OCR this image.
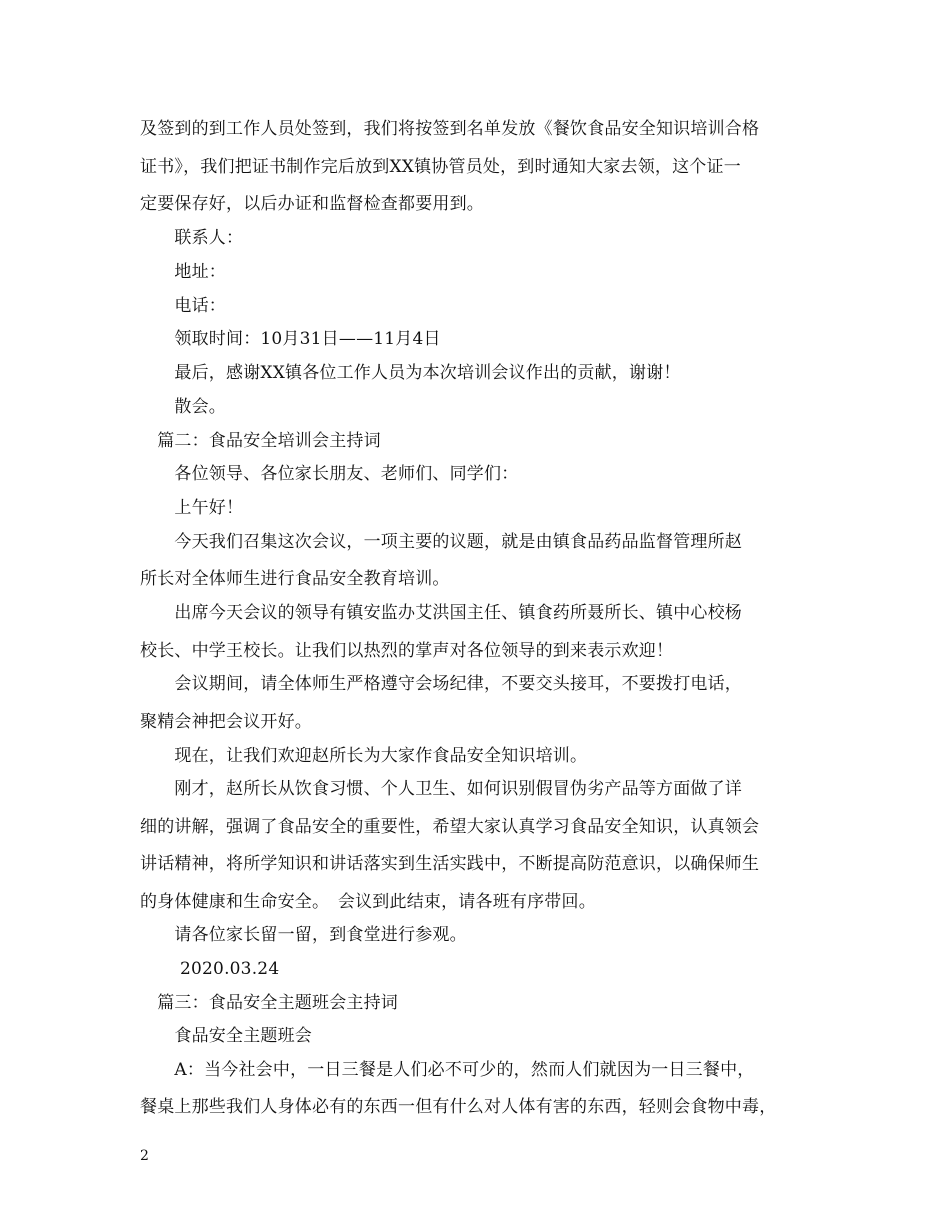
及签到的到工作人员处签到，我们将按签到名单发放《餐饮食品安全知识培训合格
证书》，我们把证书制作完后放到XX镇协管员处，到时通知大家去领，这个证一
定要保存好，以后办证和监督检查都要用到。
　　联系人：
　　地址：
　　电话：
　　领取时间：10月31日——11月4日
　　最后，感谢XX镇各位工作人员为本次培训会议作出的贡献，谢谢！
　　散会。
　篇二：食品安全培训会主持词
　　各位领导、各位家长朋友、老师们、同学们：
　　上午好！
　　今天我们召集这次会议，一项主要的议题，就是由镇食品药品监督管理所赵
所长对全体师生进行食品安全教育培训。
　　出席今天会议的领导有镇安监办艾洪国主任、镇食药所聂所长、镇中心校杨
校长、中学王校长。让我们以热烈的掌声对各位领导的到来表示欢迎！
　　会议期间，请全体师生严格遵守会场纪律，不要交头接耳，不要拨打电话，
聚精会神把会议开好。
　　现在，让我们欢迎赵所长为大家作食品安全知识培训。
　　刚才，赵所长从饮食习惯、个人卫生、如何识别假冒伪劣产品等方面做了详
细的讲解，强调了食品安全的重要性，希望大家认真学习食品安全知识，认真领会
讲话精神，将所学知识和讲话落实到生活实践中，不断提高防范意识，以确保师生
的身体健康和生命安全。　会议到此结束，请各班有序带回。
　　请各位家长留一留，到食堂进行参观。
　　 2020.03.24
　篇三：食品安全主题班会主持词
　　食品安全主题班会
　　A：当今社会中，一日三餐是人们必不可少的，然而人们就因为一日三餐中，
餐桌上那些我们人身体必有的东西一但有什么对人体有害的东西，轻则会食物中毒，
2
